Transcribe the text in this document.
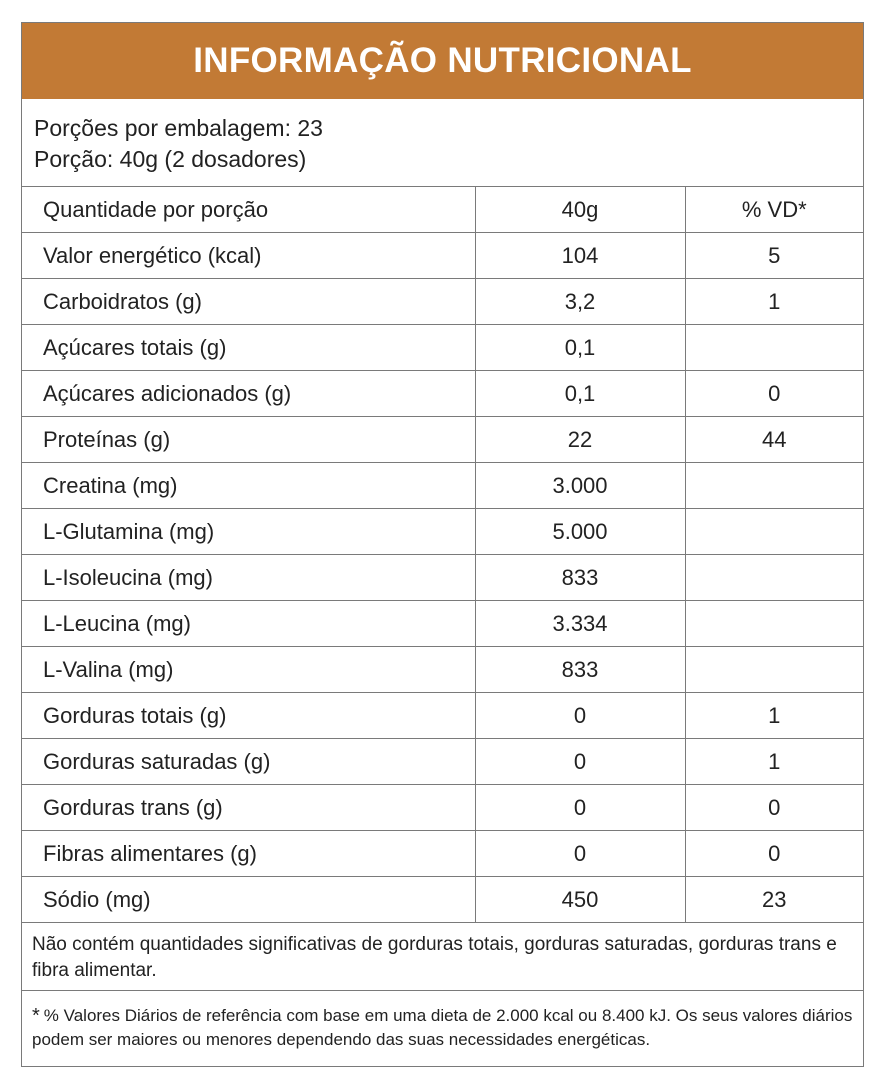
INFORMAÇÃO NUTRICIONAL
Porções por embalagem: 23
Porção: 40g (2 dosadores)
Quantidade por porção	40g	% VD*
Valor energético (kcal)	104	5
Carboidratos (g)	3,2	1
Açúcares totais (g)	0,1	
Açúcares adicionados (g)	0,1	0
Proteínas (g)	22	44
Creatina (mg)	3.000	
L-Glutamina (mg)	5.000	
L-Isoleucina (mg)	833	
L-Leucina (mg)	3.334	
L-Valina (mg)	833	
Gorduras totais (g)	0	1
Gorduras saturadas (g)	0	1
Gorduras trans (g)	0	0
Fibras alimentares (g)	0	0
Sódio (mg)	450	23
Não contém quantidades significativas de gorduras totais, gorduras saturadas, gorduras trans e fibra alimentar.
* % Valores Diários de referência com base em uma dieta de 2.000 kcal ou 8.400 kJ. Os seus valores diários podem ser maiores ou menores dependendo das suas necessidades energéticas.
